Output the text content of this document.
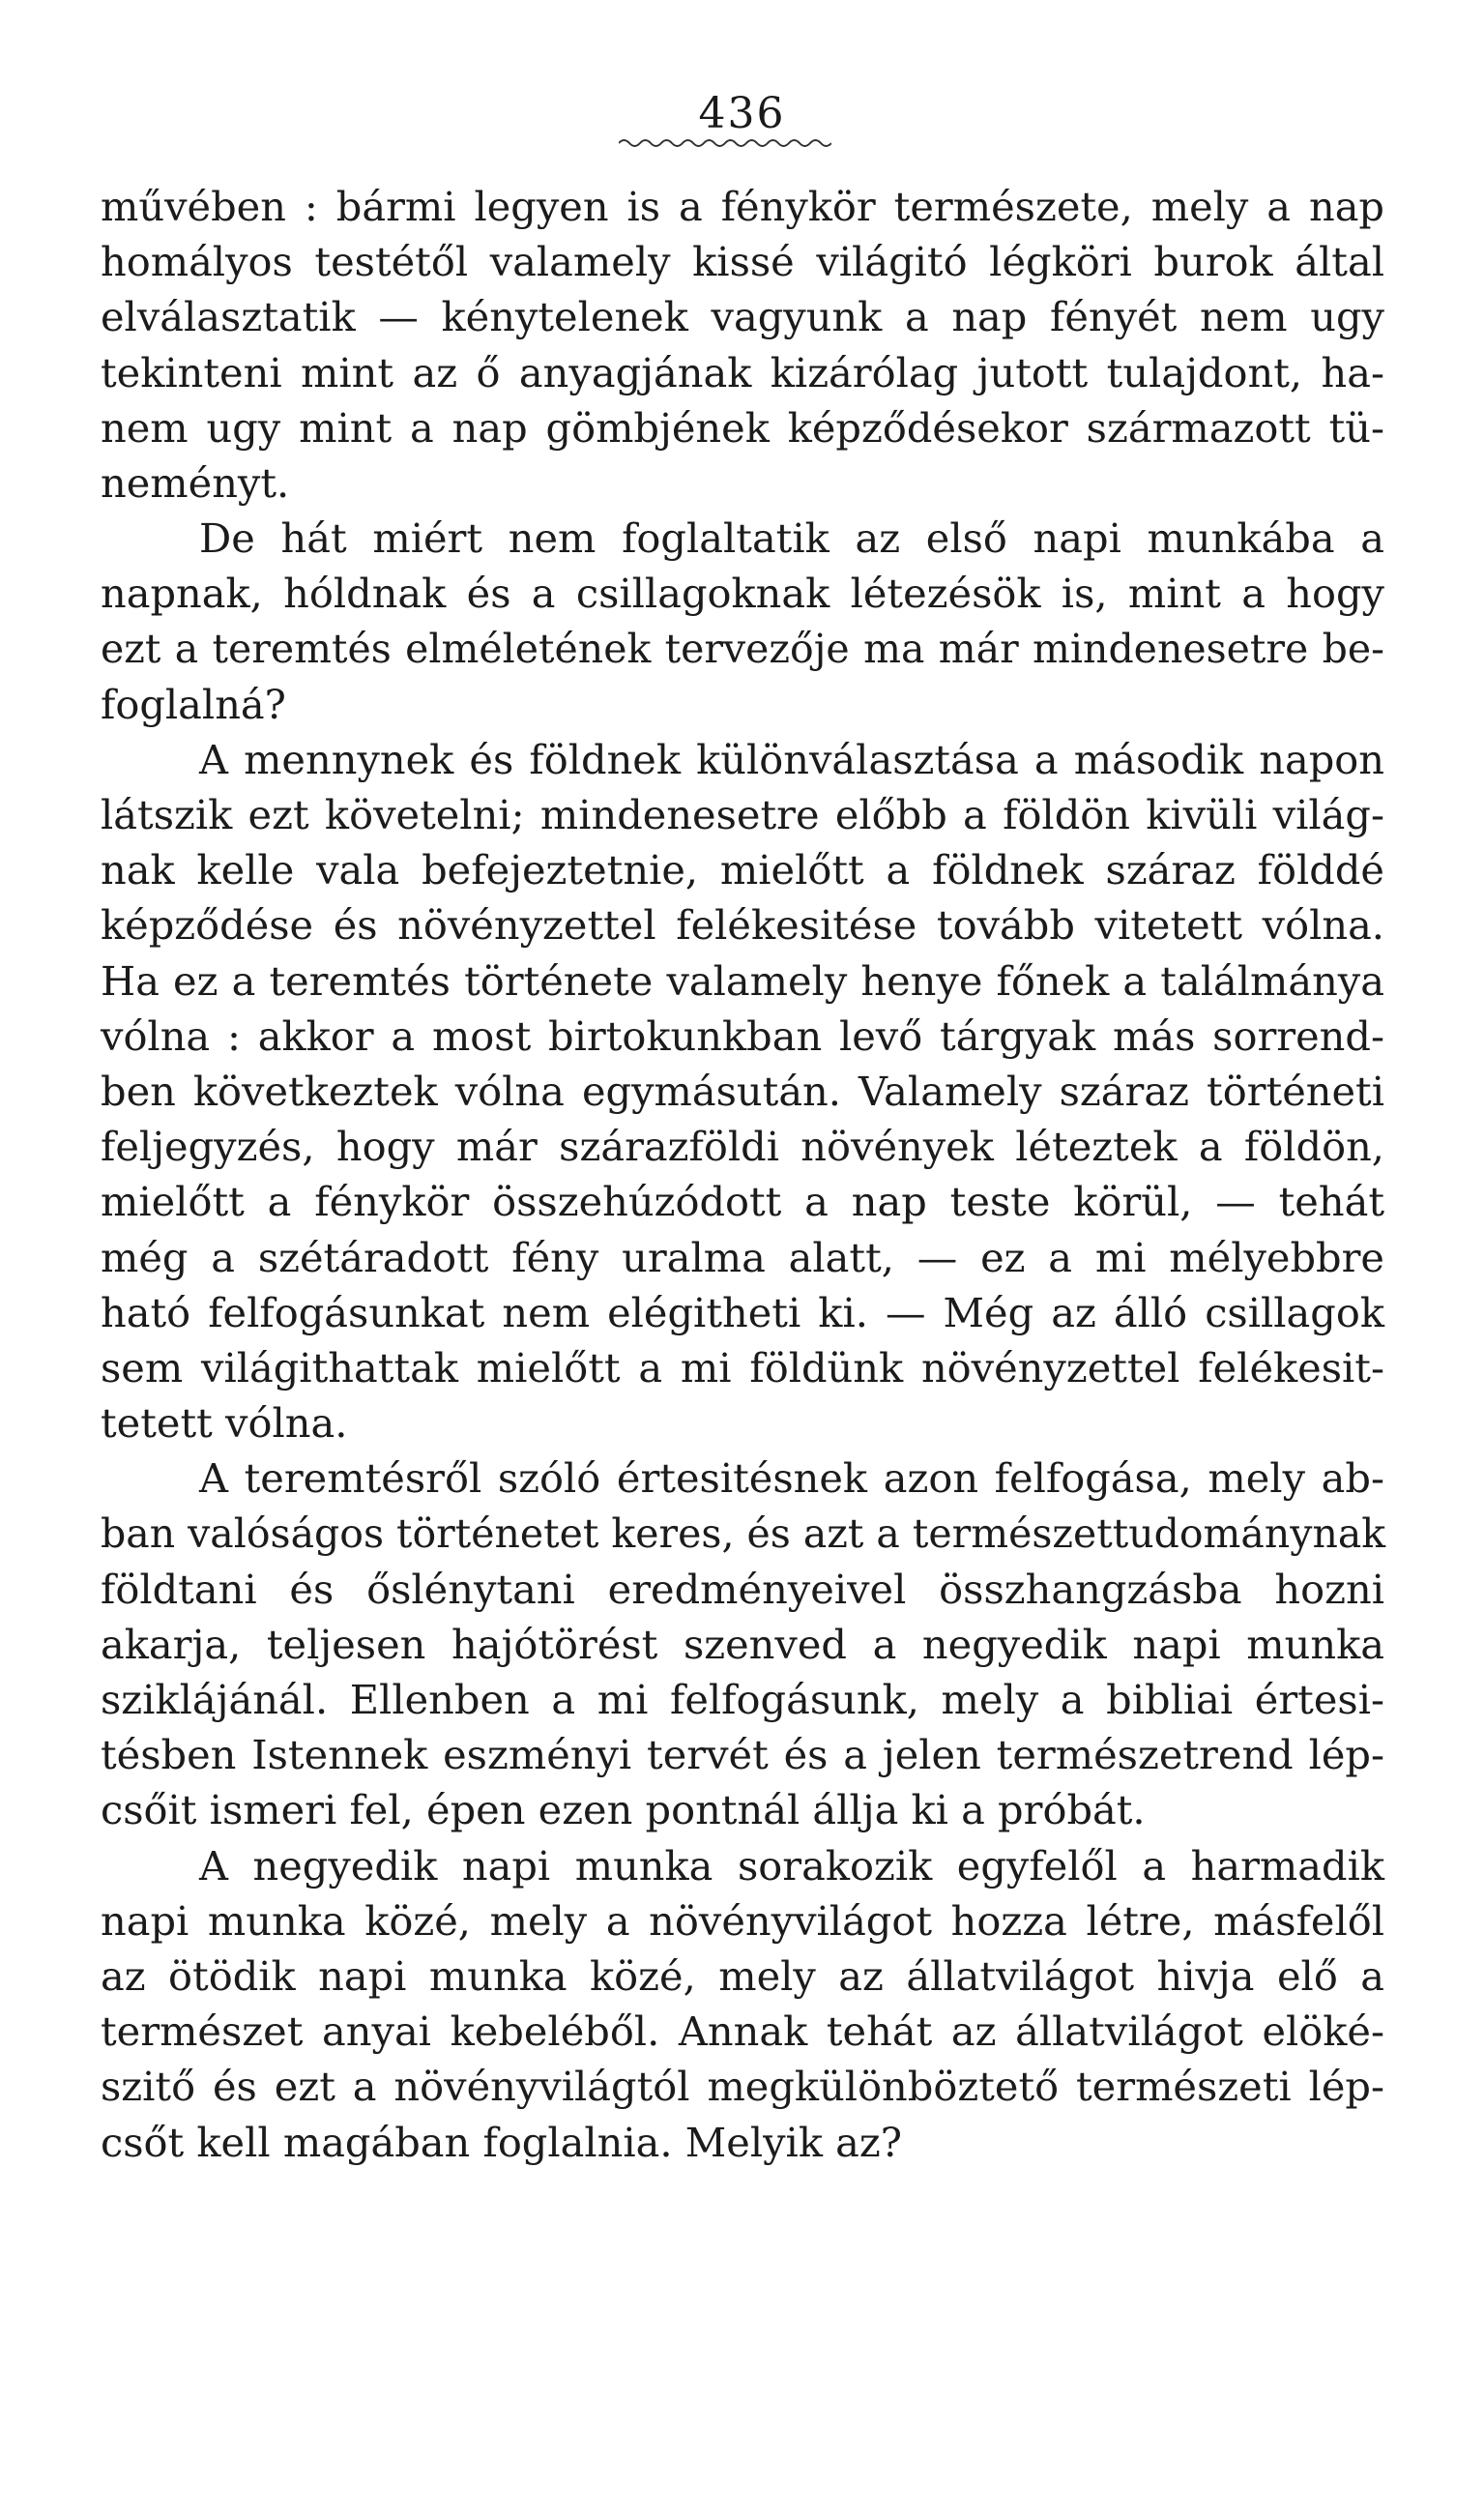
436
művében : bármi legyen is a fénykör természete, mely a nap
homályos testétől valamely kissé világitó légköri burok által
elválasztatik — kénytelenek vagyunk a nap fényét nem ugy
tekinteni mint az ő anyagjának kizárólag jutott tulajdont, ha-
nem ugy mint a nap gömbjének képződésekor származott tü-
neményt.
De hát miért nem foglaltatik az első napi munkába a
napnak, hóldnak és a csillagoknak létezésök is, mint a hogy
ezt a teremtés elméletének tervezője ma már mindenesetre be-
foglalná?
A mennynek és földnek különválasztása a második napon
látszik ezt követelni; mindenesetre előbb a földön kivüli világ-
nak kelle vala befejeztetnie, mielőtt a földnek száraz földdé
képződése és növényzettel felékesitése tovább vitetett vólna.
Ha ez a teremtés története valamely henye főnek a találmánya
vólna : akkor a most birtokunkban levő tárgyak más sorrend-
ben következtek vólna egymásután. Valamely száraz történeti
feljegyzés, hogy már szárazföldi növények léteztek a földön,
mielőtt a fénykör összehúzódott a nap teste körül, — tehát
még a szétáradott fény uralma alatt, — ez a mi mélyebbre
ható felfogásunkat nem elégitheti ki. — Még az álló csillagok
sem világithattak mielőtt a mi földünk növényzettel felékesit-
tetett vólna.
A teremtésről szóló értesitésnek azon felfogása, mely ab-
ban valóságos történetet keres, és azt a természettudománynak
földtani és őslénytani eredményeivel összhangzásba hozni
akarja, teljesen hajótörést szenved a negyedik napi munka
sziklájánál. Ellenben a mi felfogásunk, mely a bibliai értesi-
tésben Istennek eszményi tervét és a jelen természetrend lép-
csőit ismeri fel, épen ezen pontnál állja ki a próbát.
A negyedik napi munka sorakozik egyfelől a harmadik
napi munka közé, mely a növényvilágot hozza létre, másfelől
az ötödik napi munka közé, mely az állatvilágot hivja elő a
természet anyai kebeléből. Annak tehát az állatvilágot elöké-
szitő és ezt a növényvilágtól megkülönböztető természeti lép-
csőt kell magában foglalnia. Melyik az?
